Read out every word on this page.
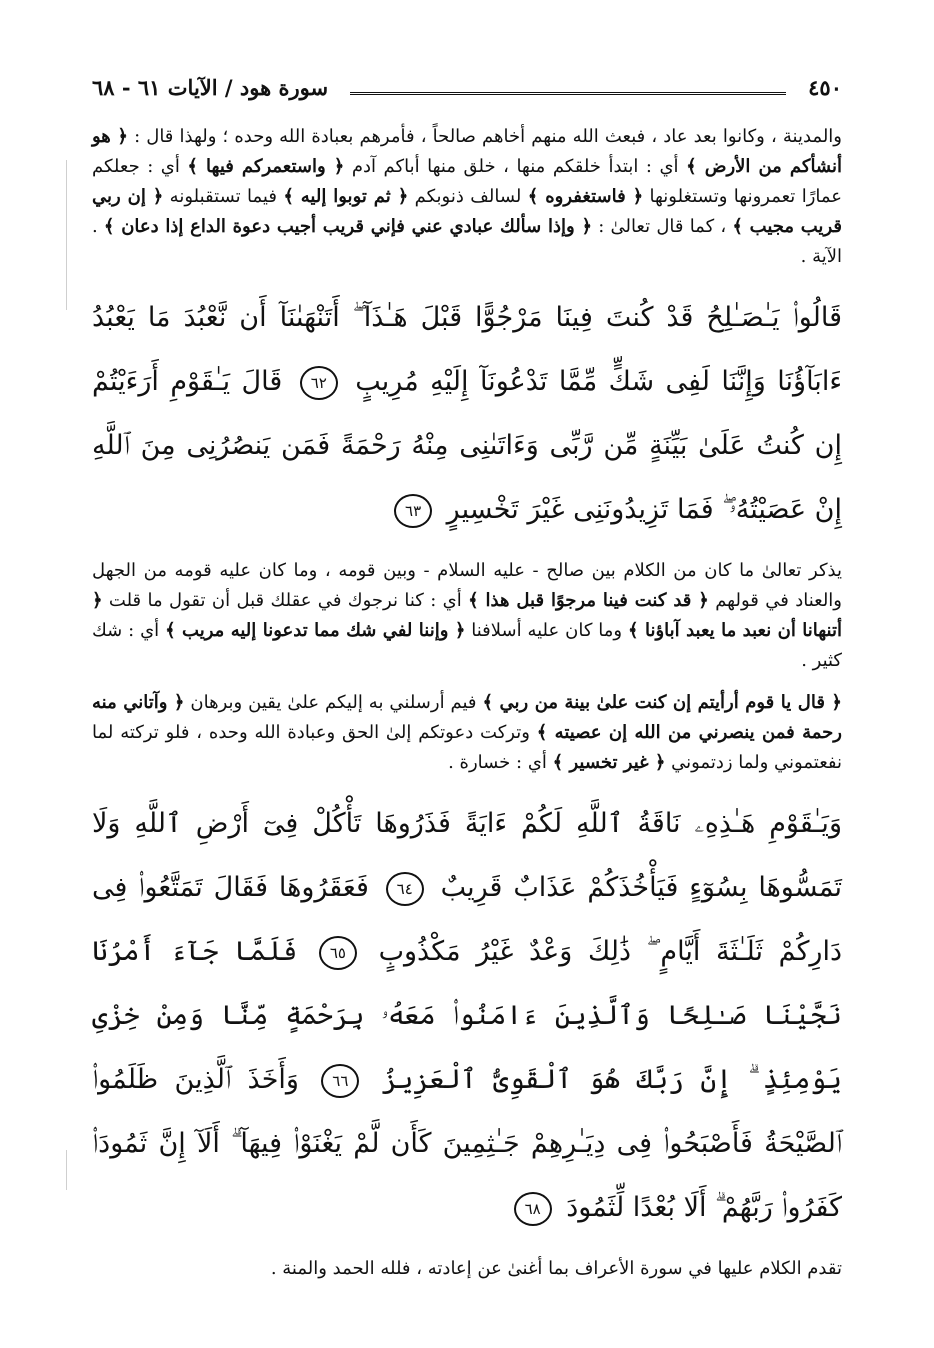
٤٥٠
سورة هود / الآيات ٦١ - ٦٨

والمدينة ، وكانوا بعد عاد ، فبعث الله منهم أخاهم صالحاً ، فأمرهم بعبادة الله وحده ؛ ولهذا قال : ﴿ هو أنشأكم من الأرض ﴾ أي : ابتدأ خلقكم منها ، خلق منها أباكم آدم ﴿ واستعمركم فيها ﴾ أي : جعلكم عمارًا تعمرونها وتستغلونها ﴿ فاستغفروه ﴾ لسالف ذنوبكم ﴿ ثم توبوا إليه ﴾ فيما تستقبلونه ﴿ إن ربي قريب مجيب ﴾ ، كما قال تعالىٰ : ﴿ وإذا سألك عبادي عني فإني قريب أجيب دعوة الداع إذا دعان ﴾ . الآية .

قَالُوا۟ يَـٰصَـٰلِحُ قَدْ كُنتَ فِينَا مَرْجُوًّا قَبْلَ هَـٰذَآ ۖ أَتَنْهَىٰنَآ أَن نَّعْبُدَ مَا يَعْبُدُ ءَابَآؤُنَا وَإِنَّنَا لَفِى شَكٍّ مِّمَّا تَدْعُونَآ إِلَيْهِ مُرِيبٍ ٦٢ قَالَ يَـٰقَوْمِ أَرَءَيْتُمْ إِن كُنتُ عَلَىٰ بَيِّنَةٍ مِّن رَّبِّى وَءَاتَىٰنِى مِنْهُ رَحْمَةً فَمَن يَنصُرُنِى مِنَ ٱللَّهِ إِنْ عَصَيْتُهُۥ ۖ فَمَا تَزِيدُونَنِى غَيْرَ تَخْسِيرٍ ٦٣

يذكر تعالىٰ ما كان من الكلام بين صالح - عليه السلام - وبين قومه ، وما كان عليه قومه من الجهل والعناد في قولهم ﴿ قد كنت فينا مرجوًا قبل هذا ﴾ أي : كنا نرجوك في عقلك قبل أن تقول ما قلت ﴿ أتنهانا أن نعبد ما يعبد آباؤنا ﴾ وما كان عليه أسلافنا ﴿ وإننا لفي شك مما تدعونا إليه مريب ﴾ أي : شك كثير .

﴿ قال يا قوم أرأيتم إن كنت علىٰ بينة من ربي ﴾ فيم أرسلني به إليكم علىٰ يقين وبرهان ﴿ وآتاني منه رحمة فمن ينصرني من الله إن عصيته ﴾ وتركت دعوتكم إلىٰ الحق وعبادة الله وحده ، فلو تركته لما نفعتموني ولما زدتموني ﴿ غير تخسير ﴾ أي : خسارة .

وَيَـٰقَوْمِ هَـٰذِهِۦ نَاقَةُ ٱللَّهِ لَكُمْ ءَايَةً فَذَرُوهَا تَأْكُلْ فِىٓ أَرْضِ ٱللَّهِ وَلَا تَمَسُّوهَا بِسُوٓءٍ فَيَأْخُذَكُمْ عَذَابٌ قَرِيبٌ ٦٤ فَعَقَرُوهَا فَقَالَ تَمَتَّعُوا۟ فِى دَارِكُمْ ثَلَـٰثَةَ أَيَّامٍ ۖ ذَٰلِكَ وَعْدٌ غَيْرُ مَكْذُوبٍ ٦٥ فَلَمَّا جَآءَ أَمْرُنَا نَجَّيْنَا صَـٰلِحًا وَٱلَّذِينَ ءَامَنُوا۟ مَعَهُۥ بِرَحْمَةٍ مِّنَّا وَمِنْ خِزْىِ يَوْمِئِذٍ ۗ إِنَّ رَبَّكَ هُوَ ٱلْقَوِىُّ ٱلْعَزِيزُ ٦٦ وَأَخَذَ ٱلَّذِينَ ظَلَمُوا۟ ٱلصَّيْحَةُ فَأَصْبَحُوا۟ فِى دِيَـٰرِهِمْ جَـٰثِمِينَ كَأَن لَّمْ يَغْنَوْا۟ فِيهَآ ۗ أَلَآ إِنَّ ثَمُودَا۟ كَفَرُوا۟ رَبَّهُمْ ۗ أَلَا بُعْدًا لِّثَمُودَ ٦٨

تقدم الكلام عليها في سورة الأعراف بما أغنىٰ عن إعادته ، فلله الحمد والمنة .
